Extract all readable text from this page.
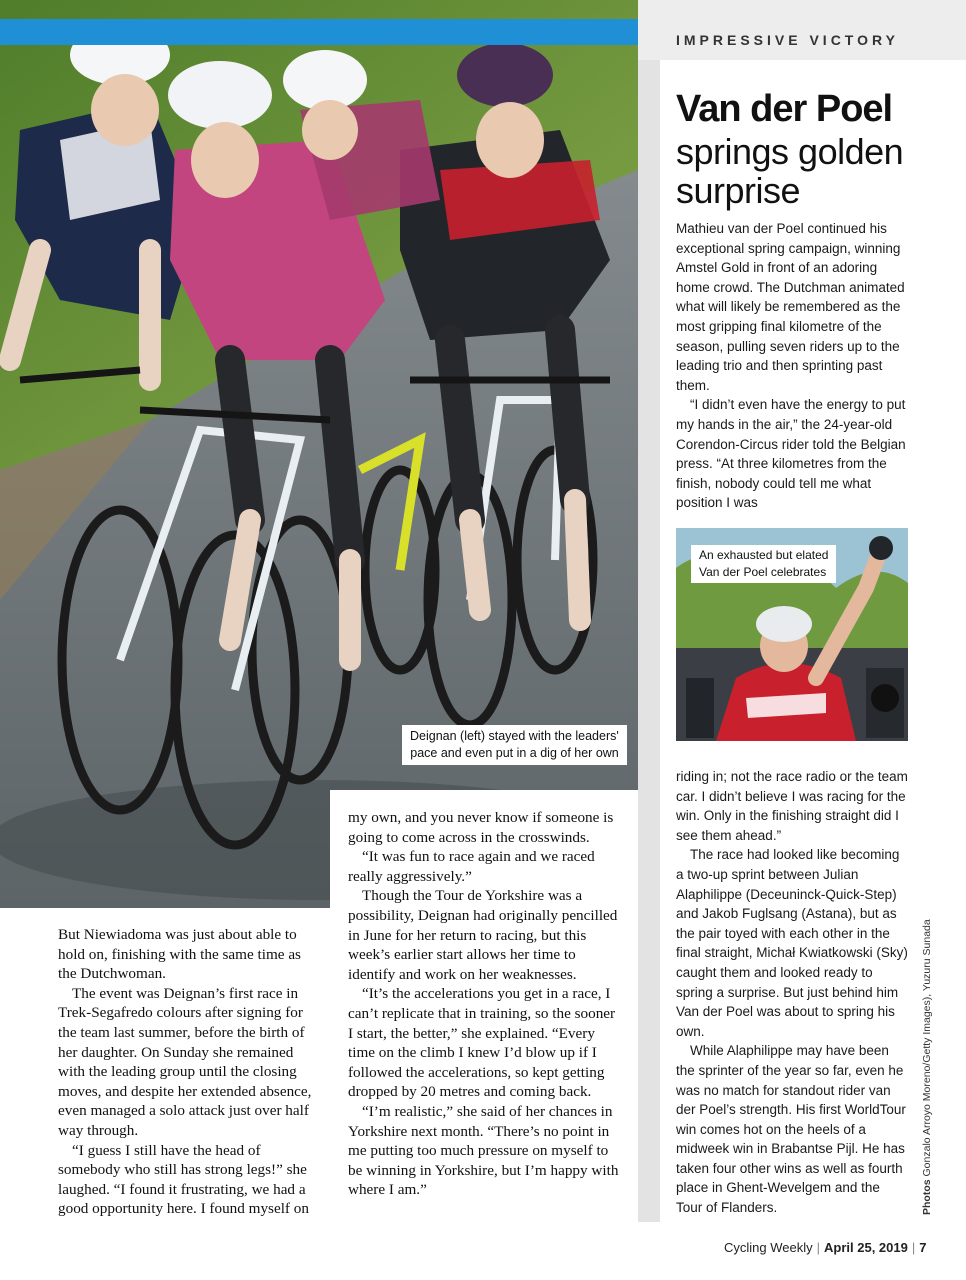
Deignan (left) stayed with the leaders'
pace and even put in a dig of her own

But Niewiadoma was just about able to hold on, finishing with the same time as the Dutchwoman.

The event was Deignan’s first race in Trek-Segafredo colours after signing for the team last summer, before the birth of her daughter. On Sunday she remained with the leading group until the closing moves, and despite her extended absence, even managed a solo attack just over half way through.

“I guess I still have the head of somebody who still has strong legs!” she laughed. “I found it frustrating, we had a good opportunity here. I found myself on

my own, and you never know if someone is going to come across in the crosswinds.

“It was fun to race again and we raced really aggressively.”

Though the Tour de Yorkshire was a possibility, Deignan had originally pencilled in June for her return to racing, but this week’s earlier start allows her time to identify and work on her weaknesses.

“It’s the accelerations you get in a race, I can’t replicate that in training, so the sooner I start, the better,” she explained. “Every time on the climb I knew I’d blow up if I followed the accelerations, so kept getting dropped by 20 metres and coming back.

“I’m realistic,” she said of her chances in Yorkshire next month. “There’s no point in me putting too much pressure on myself to be winning in Yorkshire, but I’m happy with where I am.”

IMPRESSIVE VICTORY
Van der Poel
springs golden surprise

Mathieu van der Poel continued his exceptional spring campaign, winning Amstel Gold in front of an adoring home crowd. The Dutchman animated what will likely be remembered as the most gripping final kilometre of the season, pulling seven riders up to the leading trio and then sprinting past them.

“I didn’t even have the energy to put my hands in the air,” the 24-year-old Corendon-Circus rider told the Belgian press. “At three kilometres from the finish, nobody could tell me what position I was

An exhausted but elated
Van der Poel celebrates

riding in; not the race radio or the team car. I didn’t believe I was racing for the win. Only in the finishing straight did I see them ahead.”

The race had looked like becoming a two-up sprint between Julian Alaphilippe (Deceuninck-Quick-Step) and Jakob Fuglsang (Astana), but as the pair toyed with each other in the final straight, Michał Kwiatkowski (Sky) caught them and looked ready to spring a surprise. But just behind him Van der Poel was about to spring his own.

While Alaphilippe may have been the sprinter of the year so far, even he was no match for standout rider van der Poel’s strength. His first WorldTour win comes hot on the heels of a midweek win in Brabantse Pijl. He has taken four other wins as well as fourth place in Ghent-Wevelgem and the Tour of Flanders.	Photos Gonzalo Arroyo Moreno/Getty Images), Yuzuru Sunada
Cycling Weekly | April 25, 2019 | 7
